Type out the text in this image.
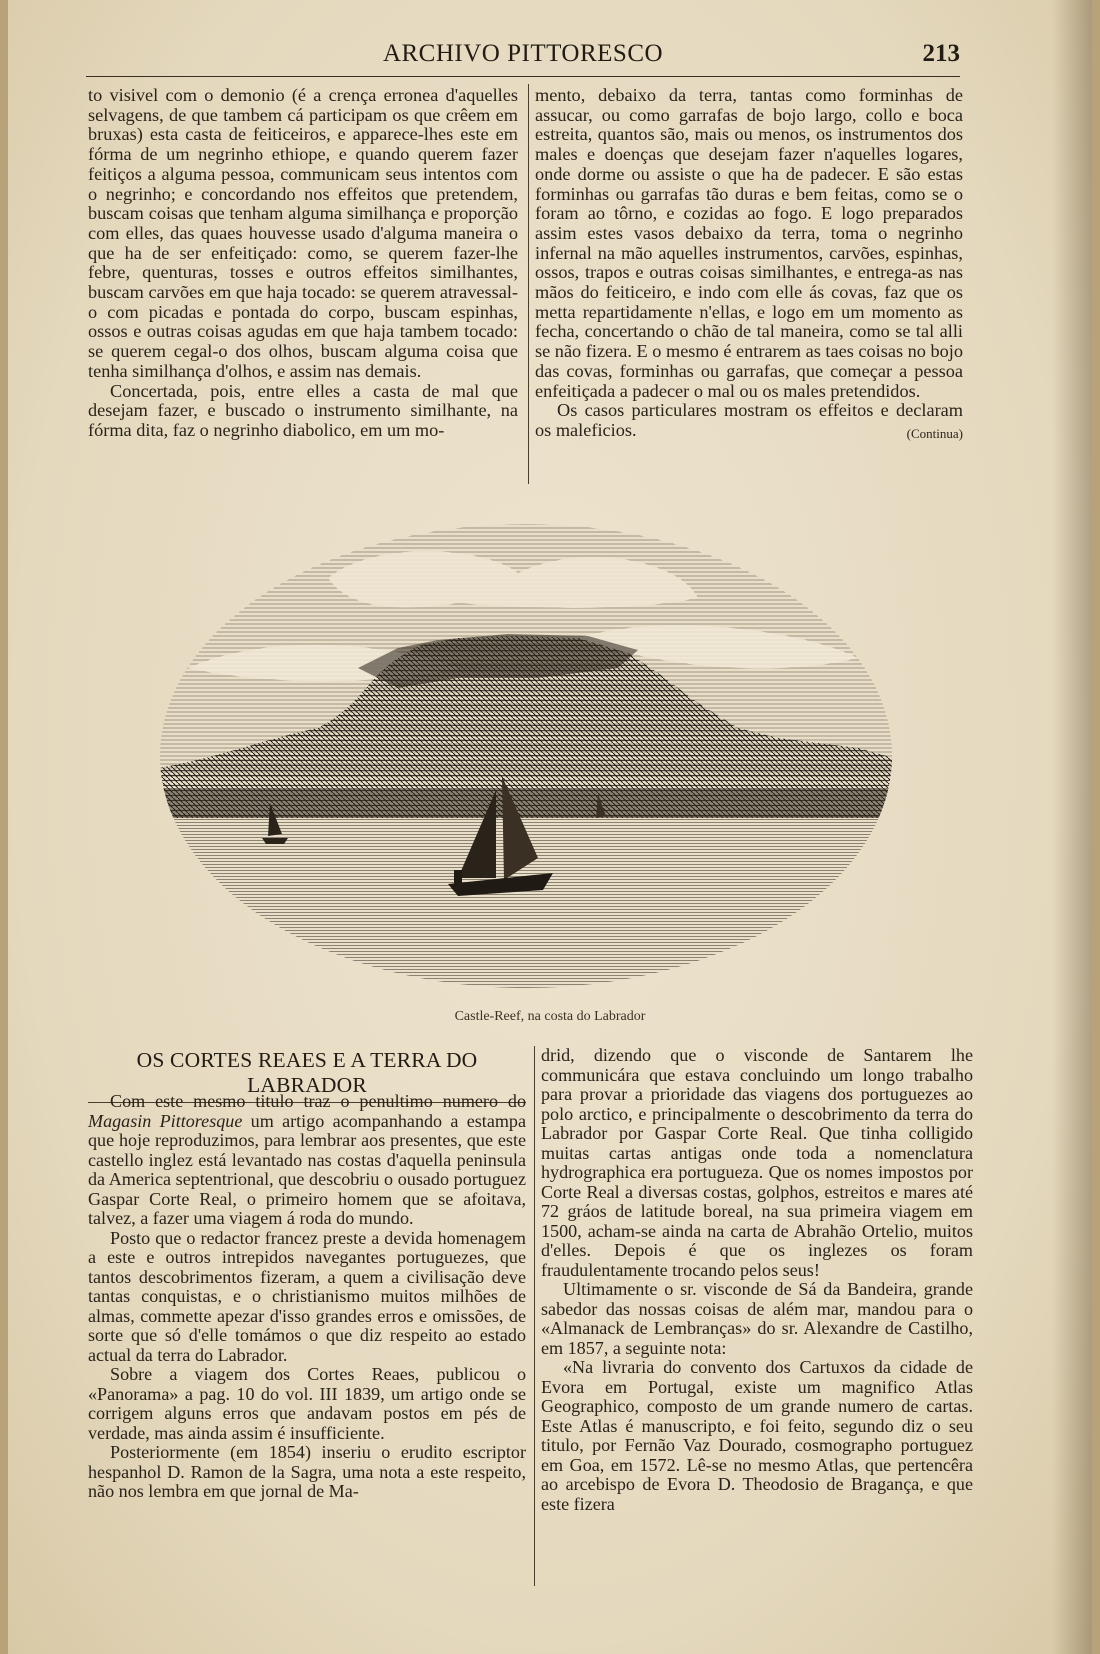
ARCHIVO PITTORESCO	213

to visivel com o demonio (é a crença erronea d'aquelles selvagens, de que tambem cá participam os que crêem em bruxas) esta casta de feiticeiros, e apparece-lhes este em fórma de um negrinho ethiope, e quando querem fazer feitiços a alguma pessoa, communicam seus intentos com o negrinho; e concordando nos effeitos que pretendem, buscam coisas que tenham alguma similhança e proporção com elles, das quaes houvesse usado d'alguma maneira o que ha de ser enfeitiçado: como, se querem fazer-lhe febre, quenturas, tosses e outros effeitos similhantes, buscam carvões em que haja tocado: se querem atravessal-o com picadas e pontada do corpo, buscam espinhas, ossos e outras coisas agudas em que haja tambem tocado: se querem cegal-o dos olhos, buscam alguma coisa que tenha similhança d'olhos, e assim nas demais.

Concertada, pois, entre elles a casta de mal que desejam fazer, e buscado o instrumento similhante, na fórma dita, faz o negrinho diabolico, em um mo-

mento, debaixo da terra, tantas como forminhas de assucar, ou como garrafas de bojo largo, collo e boca estreita, quantos são, mais ou menos, os instrumentos dos males e doenças que desejam fazer n'aquelles logares, onde dorme ou assiste o que ha de padecer. E são estas forminhas ou garrafas tão duras e bem feitas, como se o foram ao tôrno, e cozidas ao fogo. E logo preparados assim estes vasos debaixo da terra, toma o negrinho infernal na mão aquelles instrumentos, carvões, espinhas, ossos, trapos e outras coisas similhantes, e entrega-as nas mãos do feiticeiro, e indo com elle ás covas, faz que os metta repartidamente n'ellas, e logo em um momento as fecha, concertando o chão de tal maneira, como se tal alli se não fizera. E o mesmo é entrarem as taes coisas no bojo das covas, forminhas ou garrafas, que começar a pessoa enfeitiçada a padecer o mal ou os males pretendidos.

Os casos particulares mostram os effeitos e declaram os maleficios.	(Continua)

Castle-Reef, na costa do Labrador
OS CORTES REAES E A TERRA DO LABRADOR

Com este mesmo titulo traz o penultimo numero do Magasin Pittoresque um artigo acompanhando a estampa que hoje reproduzimos, para lembrar aos presentes, que este castello inglez está levantado nas costas d'aquella peninsula da America septentrional, que descobriu o ousado portuguez Gaspar Corte Real, o primeiro homem que se afoitava, talvez, a fazer uma viagem á roda do mundo.

Posto que o redactor francez preste a devida homenagem a este e outros intrepidos navegantes portuguezes, que tantos descobrimentos fizeram, a quem a civilisação deve tantas conquistas, e o christianismo muitos milhões de almas, commette apezar d'isso grandes erros e omissões, de sorte que só d'elle tomámos o que diz respeito ao estado actual da terra do Labrador.

Sobre a viagem dos Cortes Reaes, publicou o «Panorama» a pag. 10 do vol. III 1839, um artigo onde se corrigem alguns erros que andavam postos em pés de verdade, mas ainda assim é insufficiente.

Posteriormente (em 1854) inseriu o erudito escriptor hespanhol D. Ramon de la Sagra, uma nota a este respeito, não nos lembra em que jornal de Ma-

drid, dizendo que o visconde de Santarem lhe communicára que estava concluindo um longo trabalho para provar a prioridade das viagens dos portuguezes ao polo arctico, e principalmente o descobrimento da terra do Labrador por Gaspar Corte Real. Que tinha colligido muitas cartas antigas onde toda a nomenclatura hydrographica era portugueza. Que os nomes impostos por Corte Real a diversas costas, golphos, estreitos e mares até 72 gráos de latitude boreal, na sua primeira viagem em 1500, acham-se ainda na carta de Abrahão Ortelio, muitos d'elles. Depois é que os inglezes os foram fraudulentamente trocando pelos seus!

Ultimamente o sr. visconde de Sá da Bandeira, grande sabedor das nossas coisas de além mar, mandou para o «Almanack de Lembranças» do sr. Alexandre de Castilho, em 1857, a seguinte nota:

«Na livraria do convento dos Cartuxos da cidade de Evora em Portugal, existe um magnifico Atlas Geographico, composto de um grande numero de cartas. Este Atlas é manuscripto, e foi feito, segundo diz o seu titulo, por Fernão Vaz Dourado, cosmographo portuguez em Goa, em 1572. Lê-se no mesmo Atlas, que pertencêra ao arcebispo de Evora D. Theodosio de Bragança, e que este fizera
